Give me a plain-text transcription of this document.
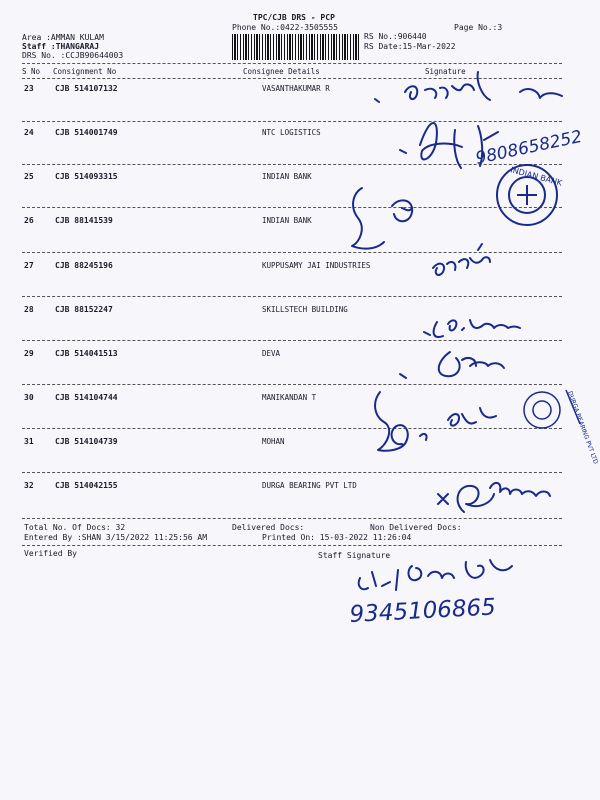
TPC/CJB DRS - PCP
Phone No.:0422-3505555	Page No.:3
Area :AMMAN KULAM
Staff :THANGARAJ
DRS No. :CCJB90644003
RS No.:906440
RS Date:15-Mar-2022
S No Consignment No	Consignee Details	Signature
23	CJB 514107132	VASANTHAKUMAR R
24	CJB 514001749	NTC LOGISTICS
25	CJB 514093315	INDIAN BANK
26	CJB 88141539	INDIAN BANK
27	CJB 88245196	KUPPUSAMY JAI INDUSTRIES
28	CJB 88152247	SKILLSTECH BUILDING
29	CJB 514041513	DEVA
30	CJB 514104744	MANIKANDAN T
31	CJB 514104739	MOHAN
32	CJB 514042155	DURGA BEARING PVT LTD
Total No. Of Docs: 32	Delivered Docs:	Non Delivered Docs:
Entered By :SHAN 3/15/2022 11:25:56 AM	Printed On: 15-03-2022 11:26:04
Verified By	Staff Signature
9808658252
9345106865
INDIAN BANK
DURGA BEARING PVT LTD
